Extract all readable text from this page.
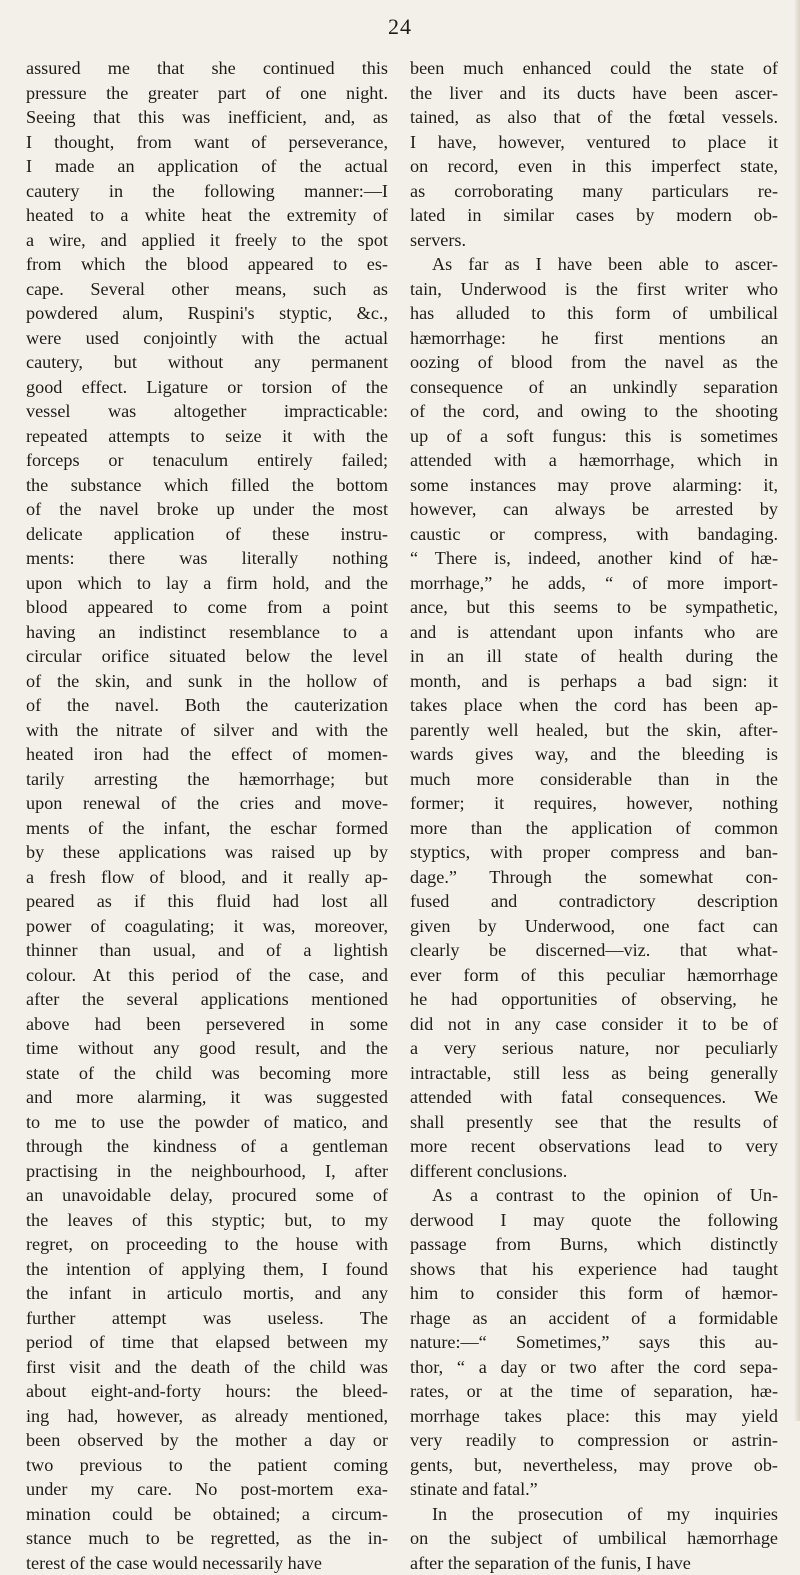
24
assured me that she continued this
pressure the greater part of one night.
Seeing that this was inefficient, and, as
I thought, from want of perseverance,
I made an application of the actual
cautery in the following manner:—I
heated to a white heat the extremity of
a wire, and applied it freely to the spot
from which the blood appeared to es-
cape. Several other means, such as
powdered alum, Ruspini's styptic, &c.,
were used conjointly with the actual
cautery, but without any permanent
good effect. Ligature or torsion of the
vessel was altogether impracticable:
repeated attempts to seize it with the
forceps or tenaculum entirely failed;
the substance which filled the bottom
of the navel broke up under the most
delicate application of these instru-
ments: there was literally nothing
upon which to lay a firm hold, and the
blood appeared to come from a point
having an indistinct resemblance to a
circular orifice situated below the level
of the skin, and sunk in the hollow of
of the navel. Both the cauterization
with the nitrate of silver and with the
heated iron had the effect of momen-
tarily arresting the hæmorrhage; but
upon renewal of the cries and move-
ments of the infant, the eschar formed
by these applications was raised up by
a fresh flow of blood, and it really ap-
peared as if this fluid had lost all
power of coagulating; it was, moreover,
thinner than usual, and of a lightish
colour. At this period of the case, and
after the several applications mentioned
above had been persevered in some
time without any good result, and the
state of the child was becoming more
and more alarming, it was suggested
to me to use the powder of matico, and
through the kindness of a gentleman
practising in the neighbourhood, I, after
an unavoidable delay, procured some of
the leaves of this styptic; but, to my
regret, on proceeding to the house with
the intention of applying them, I found
the infant in articulo mortis, and any
further attempt was useless. The
period of time that elapsed between my
first visit and the death of the child was
about eight-and-forty hours: the bleed-
ing had, however, as already mentioned,
been observed by the mother a day or
two previous to the patient coming
under my care. No post-mortem exa-
mination could be obtained; a circum-
stance much to be regretted, as the in-
terest of the case would necessarily have
been much enhanced could the state of
the liver and its ducts have been ascer-
tained, as also that of the fœtal vessels.
I have, however, ventured to place it
on record, even in this imperfect state,
as corroborating many particulars re-
lated in similar cases by modern ob-
servers.
As far as I have been able to ascer-
tain, Underwood is the first writer who
has alluded to this form of umbilical
hæmorrhage: he first mentions an
oozing of blood from the navel as the
consequence of an unkindly separation
of the cord, and owing to the shooting
up of a soft fungus: this is sometimes
attended with a hæmorrhage, which in
some instances may prove alarming: it,
however, can always be arrested by
caustic or compress, with bandaging.
“ There is, indeed, another kind of hæ-
morrhage,” he adds, “ of more import-
ance, but this seems to be sympathetic,
and is attendant upon infants who are
in an ill state of health during the
month, and is perhaps a bad sign: it
takes place when the cord has been ap-
parently well healed, but the skin, after-
wards gives way, and the bleeding is
much more considerable than in the
former; it requires, however, nothing
more than the application of common
styptics, with proper compress and ban-
dage.” Through the somewhat con-
fused and contradictory description
given by Underwood, one fact can
clearly be discerned—viz. that what-
ever form of this peculiar hæmorrhage
he had opportunities of observing, he
did not in any case consider it to be of
a very serious nature, nor peculiarly
intractable, still less as being generally
attended with fatal consequences. We
shall presently see that the results of
more recent observations lead to very
different conclusions.
As a contrast to the opinion of Un-
derwood I may quote the following
passage from Burns, which distinctly
shows that his experience had taught
him to consider this form of hæmor-
rhage as an accident of a formidable
nature:—“ Sometimes,” says this au-
thor, “ a day or two after the cord sepa-
rates, or at the time of separation, hæ-
morrhage takes place: this may yield
very readily to compression or astrin-
gents, but, nevertheless, may prove ob-
stinate and fatal.”
In the prosecution of my inquiries
on the subject of umbilical hæmorrhage
after the separation of the funis, I have
